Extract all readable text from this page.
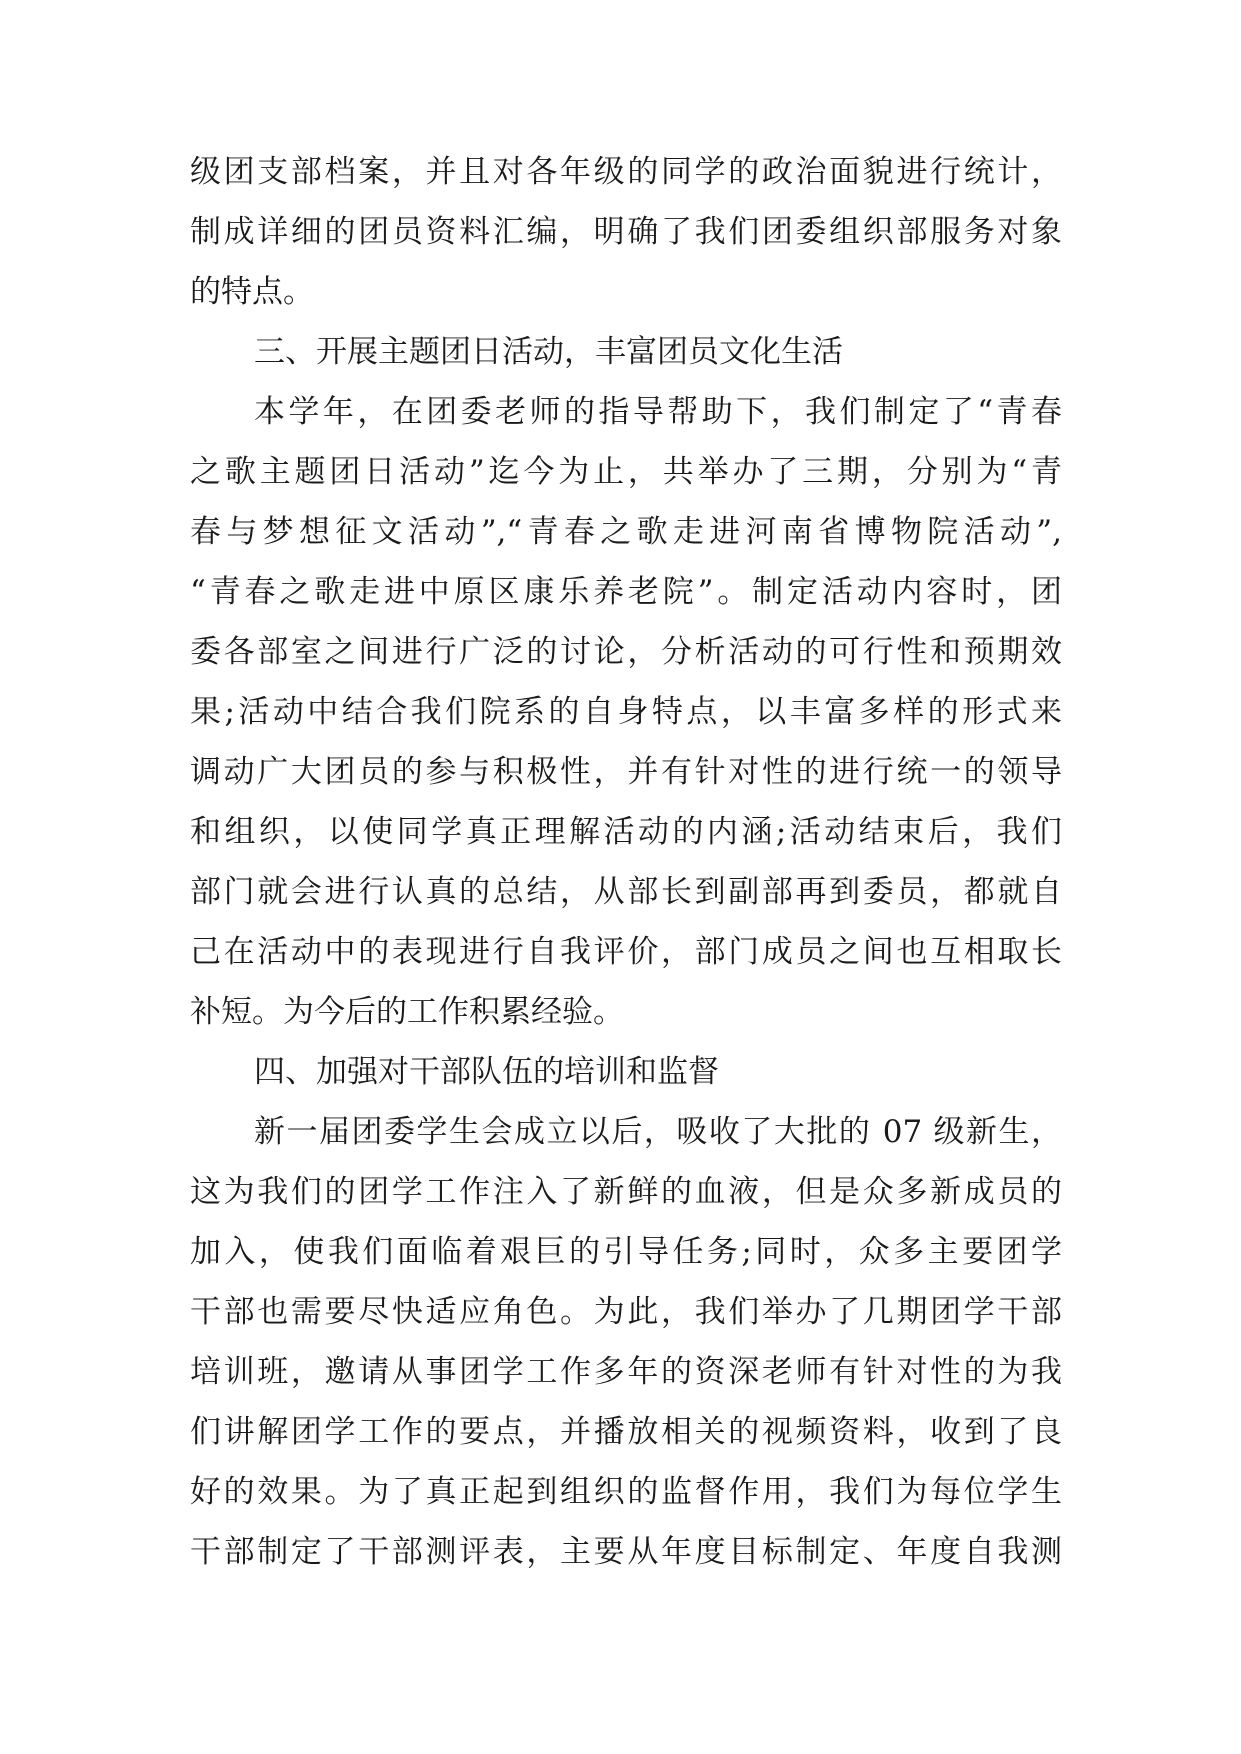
级团支部档案，并且对各年级的同学的政治面貌进行统计，

制成详细的团员资料汇编，明确了我们团委组织部服务对象

的特点。

三、开展主题团日活动，丰富团员文化生活

本学年，在团委老师的指导帮助下，我们制定了“青春

之歌主题团日活动”迄今为止，共举办了三期，分别为“青

春与梦想征文活动”,“青春之歌走进河南省博物院活动”,

“青春之歌走进中原区康乐养老院”。制定活动内容时，团

委各部室之间进行广泛的讨论，分析活动的可行性和预期效

果;活动中结合我们院系的自身特点，以丰富多样的形式来

调动广大团员的参与积极性，并有针对性的进行统一的领导

和组织，以使同学真正理解活动的内涵;活动结束后，我们

部门就会进行认真的总结，从部长到副部再到委员，都就自

己在活动中的表现进行自我评价，部门成员之间也互相取长

补短。为今后的工作积累经验。

四、加强对干部队伍的培训和监督

新一届团委学生会成立以后，吸收了大批的 07 级新生，

这为我们的团学工作注入了新鲜的血液，但是众多新成员的

加入，使我们面临着艰巨的引导任务;同时，众多主要团学

干部也需要尽快适应角色。为此，我们举办了几期团学干部

培训班，邀请从事团学工作多年的资深老师有针对性的为我

们讲解团学工作的要点，并播放相关的视频资料，收到了良

好的效果。为了真正起到组织的监督作用，我们为每位学生

干部制定了干部测评表，主要从年度目标制定、年度自我测
